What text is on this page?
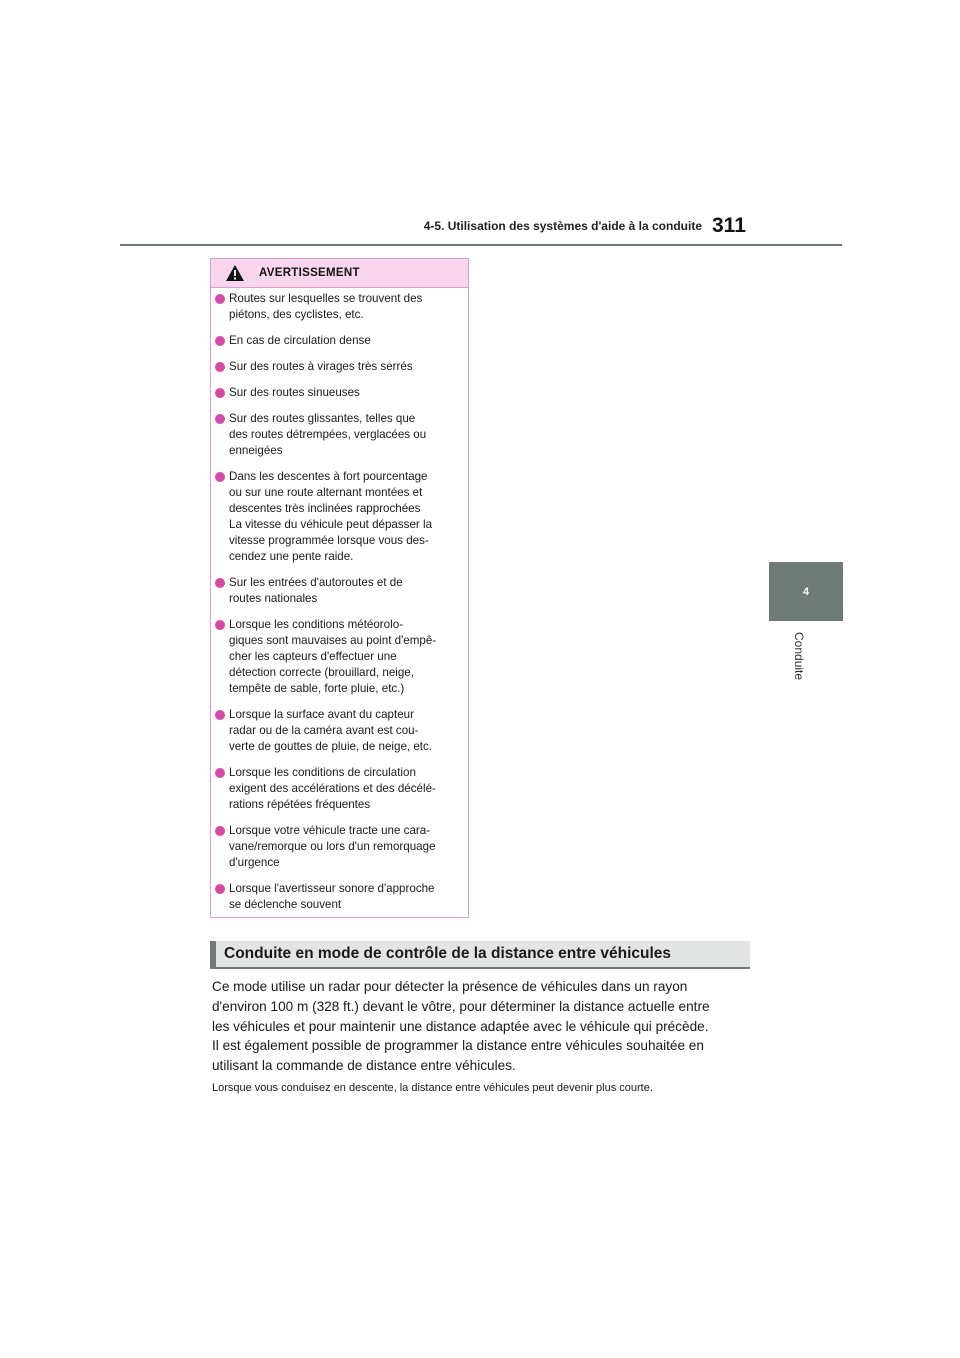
4-5. Utilisation des systèmes d'aide à la conduite 311
4
Conduite
AVERTISSEMENT
Routes sur lesquelles se trouvent des
piétons, des cyclistes, etc.
En cas de circulation dense
Sur des routes à virages très serrés
Sur des routes sinueuses
Sur des routes glissantes, telles que
des routes détrempées, verglacées ou
enneigées
Dans les descentes à fort pourcentage
ou sur une route alternant montées et
descentes très inclinées rapprochées
La vitesse du véhicule peut dépasser la
vitesse programmée lorsque vous des-
cendez une pente raide.
Sur les entrées d'autoroutes et de
routes nationales
Lorsque les conditions météorolo-
giques sont mauvaises au point d'empê-
cher les capteurs d'effectuer une
détection correcte (brouillard, neige,
tempête de sable, forte pluie, etc.)
Lorsque la surface avant du capteur
radar ou de la caméra avant est cou-
verte de gouttes de pluie, de neige, etc.
Lorsque les conditions de circulation
exigent des accélérations et des décélé-
rations répétées fréquentes
Lorsque votre véhicule tracte une cara-
vane/remorque ou lors d'un remorquage
d'urgence
Lorsque l'avertisseur sonore d'approche
se déclenche souvent
Conduite en mode de contrôle de la distance entre véhicules
Ce mode utilise un radar pour détecter la présence de véhicules dans un rayon
d'environ 100 m (328 ft.) devant le vôtre, pour déterminer la distance actuelle entre
les véhicules et pour maintenir une distance adaptée avec le véhicule qui précède.
Il est également possible de programmer la distance entre véhicules souhaitée en
utilisant la commande de distance entre véhicules.
Lorsque vous conduisez en descente, la distance entre véhicules peut devenir plus courte.
